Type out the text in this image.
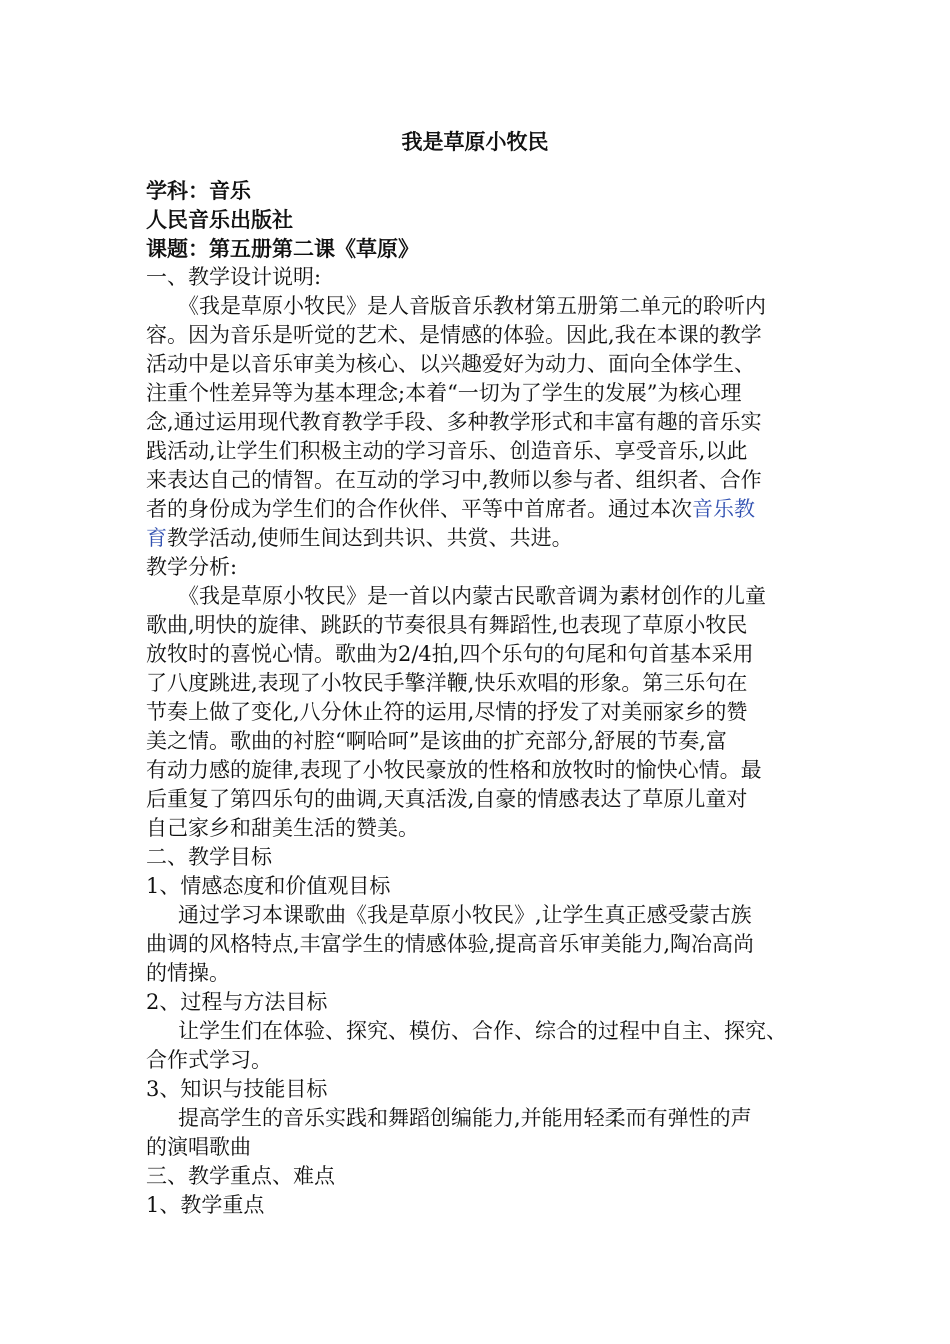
我是草原小牧民
学科：音乐
人民音乐出版社
课题：第五册第二课《草原》
一、教学设计说明:
《我是草原小牧民》是人音版音乐教材第五册第二单元的聆听内
容。因为音乐是听觉的艺术、是情感的体验。因此,我在本课的教学
活动中是以音乐审美为核心、以兴趣爱好为动力、面向全体学生、
注重个性差异等为基本理念;本着“一切为了学生的发展”为核心理
念,通过运用现代教育教学手段、多种教学形式和丰富有趣的音乐实
践活动,让学生们积极主动的学习音乐、创造音乐、享受音乐,以此
来表达自己的情智。在互动的学习中,教师以参与者、组织者、合作
者的身份成为学生们的合作伙伴、平等中首席者。通过本次音乐教
育教学活动,使师生间达到共识、共赏、共进。
教学分析:
《我是草原小牧民》是一首以内蒙古民歌音调为素材创作的儿童
歌曲,明快的旋律、跳跃的节奏很具有舞蹈性,也表现了草原小牧民
放牧时的喜悦心情。歌曲为2/4拍,四个乐句的句尾和句首基本采用
了八度跳进,表现了小牧民手擎洋鞭,快乐欢唱的形象。第三乐句在
节奏上做了变化,八分休止符的运用,尽情的抒发了对美丽家乡的赞
美之情。歌曲的衬腔“啊哈呵”是该曲的扩充部分,舒展的节奏,富
有动力感的旋律,表现了小牧民豪放的性格和放牧时的愉快心情。最
后重复了第四乐句的曲调,天真活泼,自豪的情感表达了草原儿童对
自己家乡和甜美生活的赞美。
二、教学目标
1、情感态度和价值观目标
通过学习本课歌曲《我是草原小牧民》,让学生真正感受蒙古族
曲调的风格特点,丰富学生的情感体验,提高音乐审美能力,陶冶高尚
的情操。
2、过程与方法目标
让学生们在体验、探究、模仿、合作、综合的过程中自主、探究、
合作式学习。
3、知识与技能目标
提高学生的音乐实践和舞蹈创编能力,并能用轻柔而有弹性的声
的演唱歌曲
三、教学重点、难点
1、教学重点
